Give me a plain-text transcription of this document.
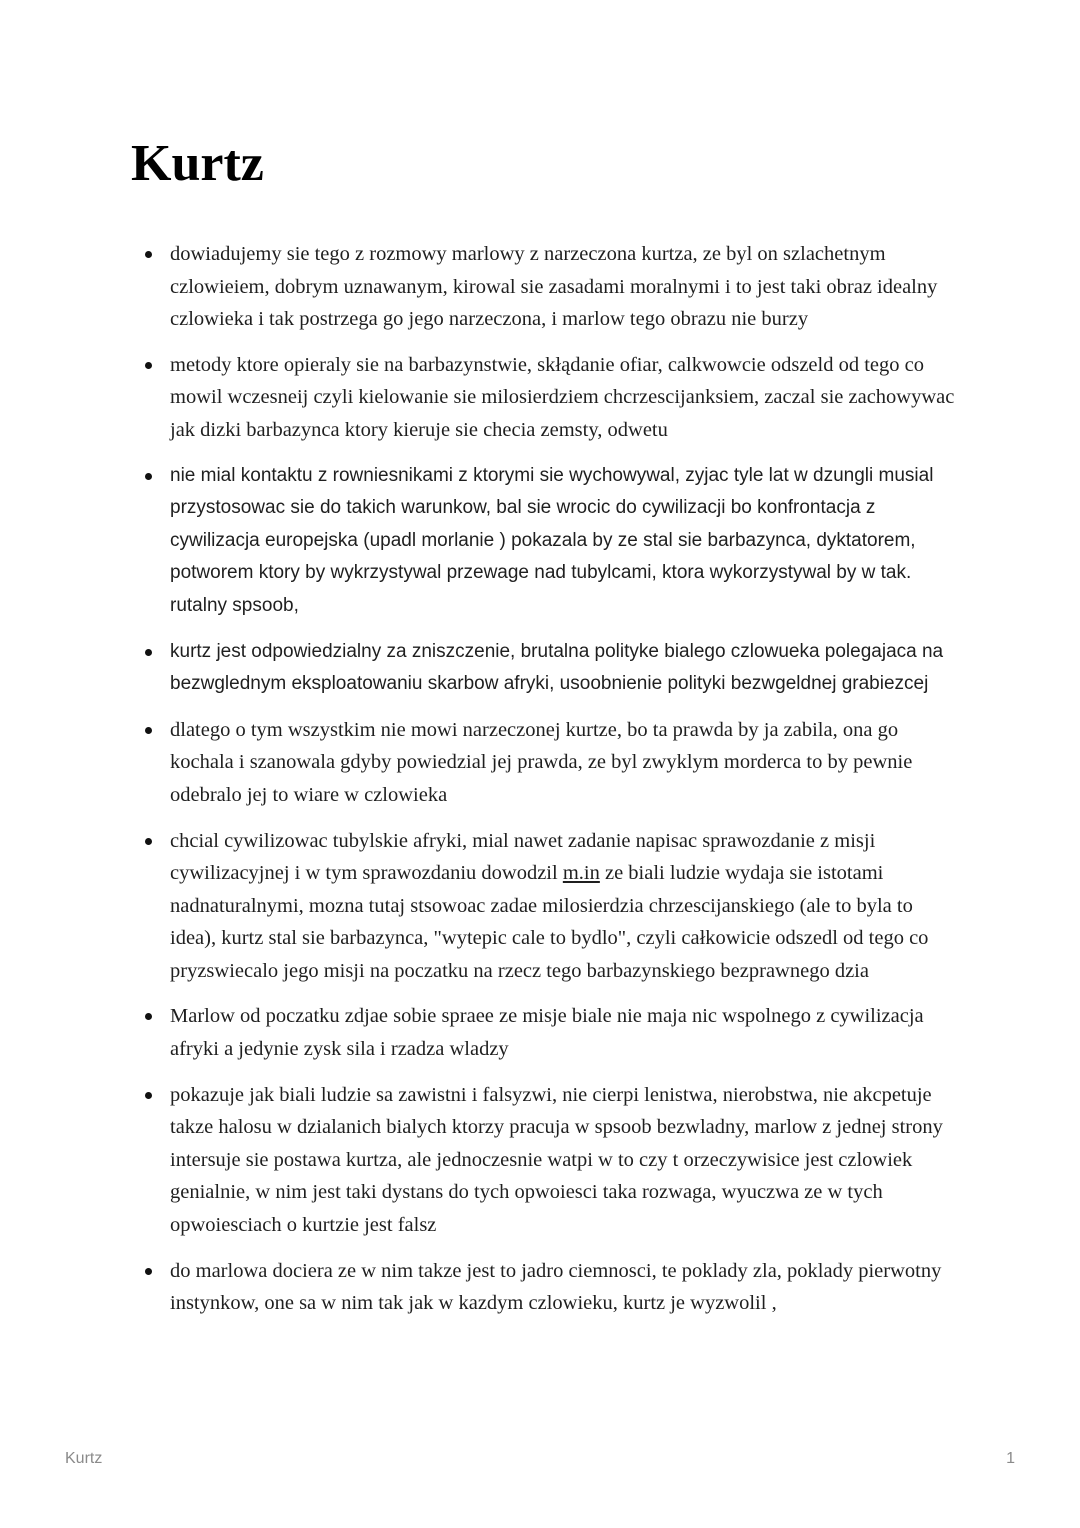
Kurtz
dowiadujemy sie tego z rozmowy marlowy z narzeczona kurtza, ze byl on szlachetnym czlowieiem, dobrym uznawanym, kirowal sie zasadami moralnymi i to jest taki obraz idealny czlowieka i tak postrzega go jego narzeczona, i marlow tego obrazu nie burzy
metody ktore opieraly sie na barbazynstwie, skłądanie ofiar, calkwowcie odszeld od tego co mowil wczesneij czyli kielowanie sie milosierdziem chcrzescijanksiem, zaczal sie zachowywac jak dizki barbazynca ktory kieruje sie checia zemsty, odwetu
nie mial kontaktu z rowniesnikami z ktorymi sie wychowywal, zyjac tyle lat w dzungli musial przystosowac sie do takich warunkow, bal sie wrocic do cywilizacji bo konfrontacja z cywilizacja europejska (upadl morlanie ) pokazala by ze stal sie barbazynca, dyktatorem, potworem ktory by wykrzystywal przewage nad tubylcami, ktora wykorzystywal by w tak. rutalny spsoob,
kurtz jest odpowiedzialny za zniszczenie, brutalna polityke bialego czlowueka polegajaca na bezwglednym eksploatowaniu skarbow afryki, usoobnienie polityki bezwgeldnej grabiezcej
dlatego o tym wszystkim nie mowi narzeczonej kurtze, bo ta prawda by ja zabila, ona go kochala i szanowala gdyby powiedzial jej prawda, ze byl zwyklym morderca to by pewnie odebralo jej to wiare w czlowieka
chcial cywilizowac tubylskie afryki, mial nawet zadanie napisac sprawozdanie z misji cywilizacyjnej i w tym sprawozdaniu dowodzil m.in ze biali ludzie wydaja sie istotami nadnaturalnymi, mozna tutaj stsowoac zadae milosierdzia chrzescijanskiego (ale to byla to idea), kurtz stal sie barbazynca, "wytepic cale to bydlo", czyli całkowicie odszedl od tego co pryzswiecalo jego misji na poczatku na rzecz tego barbazynskiego bezprawnego dzia
Marlow od poczatku zdjae sobie spraee ze misje biale nie maja nic wspolnego z cywilizacja afryki a jedynie zysk sila i rzadza wladzy
pokazuje jak biali ludzie sa zawistni i falsyzwi, nie cierpi lenistwa, nierobstwa, nie akcpetuje takze halosu w dzialanich bialych ktorzy pracuja w spsoob bezwladny, marlow z jednej strony intersuje sie postawa kurtza, ale jednoczesnie watpi w to czy t orzeczywisice jest czlowiek genialnie, w nim jest taki dystans do tych opwoiesci taka rozwaga, wyuczwa ze w tych opwoiesciach o kurtzie jest falsz
do marlowa dociera ze w nim takze jest to jadro ciemnosci, te poklady zla, poklady pierwotny instynkow, one sa w nim tak jak w kazdym czlowieku, kurtz je wyzwolil ,
Kurtz	1
